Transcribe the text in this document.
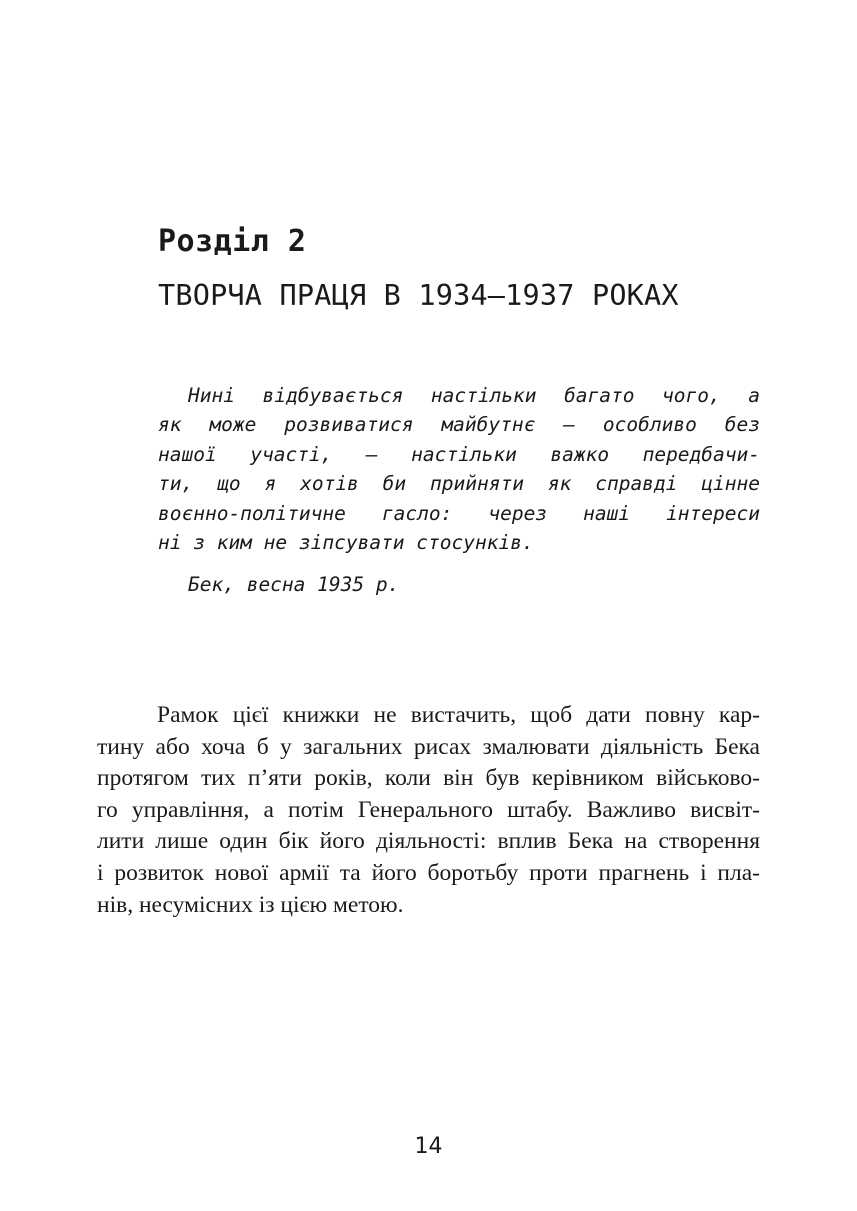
Розділ 2
ТВОРЧА ПРАЦЯ В 1934–1937 РОКАХ
Нині відбувається настільки багато чого, а
як може розвиватися майбутнє – особливо без
нашої участі, – настільки важко передбачи-
ти, що я хотів би прийняти як справді цінне
воєнно-політичне гасло: через наші інтереси
ні з ким не зіпсувати стосунків.
Бек, весна 1935 р.
Рамок цієї книжки не вистачить, щоб дати повну кар-
тину або хоча б у загальних рисах змалювати діяльність Бека
протягом тих п’яти років, коли він був керівником військово-
го управління, а потім Генерального штабу. Важливо висвіт-
лити лише один бік його діяльності: вплив Бека на створення
і розвиток нової армії та його боротьбу проти прагнень і пла-
нів, несумісних із цією метою.
14
